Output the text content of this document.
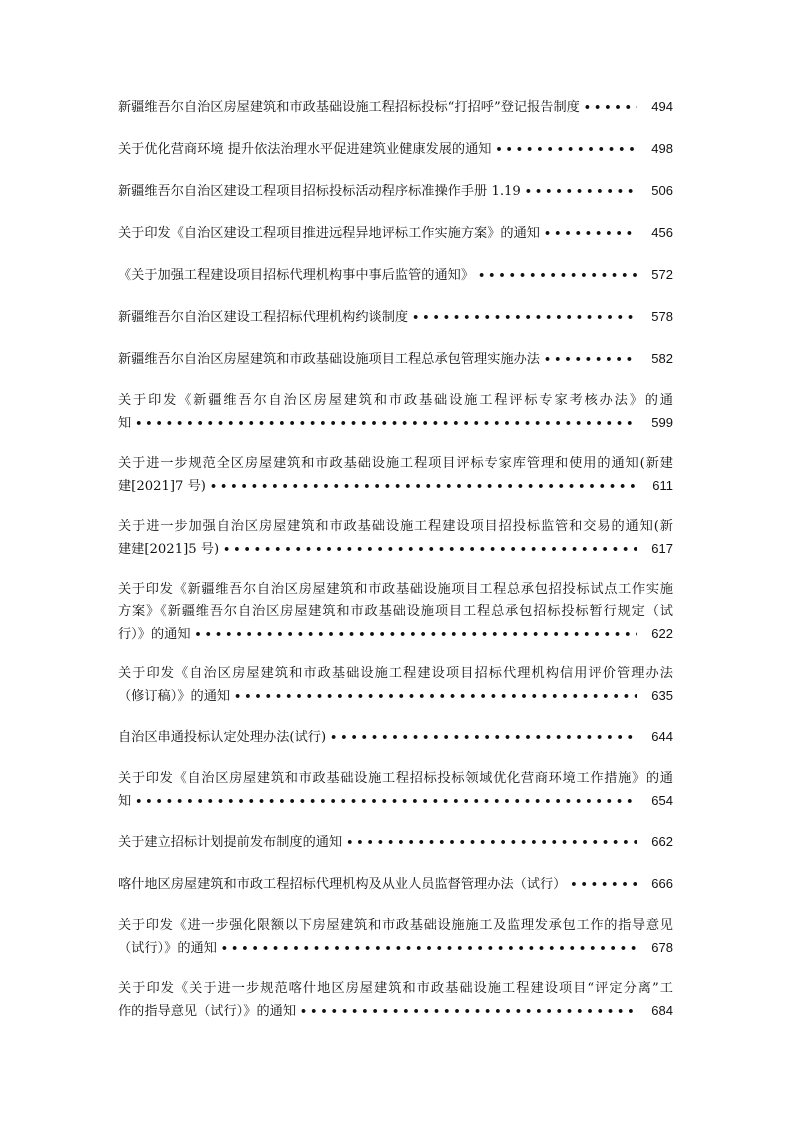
新疆维吾尔自治区房屋建筑和市政基础设施工程招标投标“打招呼”登记报告制度 •••••	494
关于优化营商环境 提升依法治理水平促进建筑业健康发展的通知 •••••	498
新疆维吾尔自治区建设工程项目招标投标活动程序标准操作手册 1.19 •••••	506
关于印发《自治区建设工程项目推进远程异地评标工作实施方案》的通知 •••••	456
《关于加强工程建设项目招标代理机构事中事后监管的通知》 •••••	572
新疆维吾尔自治区建设工程招标代理机构约谈制度 •••••	578
新疆维吾尔自治区房屋建筑和市政基础设施项目工程总承包管理实施办法 •••••	582
关于印发《新疆维吾尔自治区房屋建筑和市政基础设施工程评标专家考核办法》的通
知 •••••	599
关于进一步规范全区房屋建筑和市政基础设施工程项目评标专家库管理和使用的通知(新建
建[2021]7 号) •••••	611
关于进一步加强自治区房屋建筑和市政基础设施工程建设项目招投标监管和交易的通知(新
建建[2021]5 号) •••••	617
关于印发《新疆维吾尔自治区房屋建筑和市政基础设施项目工程总承包招投标试点工作实施
方案》《新疆维吾尔自治区房屋建筑和市政基础设施项目工程总承包招标投标暂行规定（试
行）》的通知 •••••	622
关于印发《自治区房屋建筑和市政基础设施工程建设项目招标代理机构信用评价管理办法
（修订稿）》的通知 •••••	635
自治区串通投标认定处理办法(试行) •••••	644
关于印发《自治区房屋建筑和市政基础设施工程招标投标领域优化营商环境工作措施》的通
知 •••••	654
关于建立招标计划提前发布制度的通知 •••••	662
喀什地区房屋建筑和市政工程招标代理机构及从业人员监督管理办法（试行） •••••	666
关于印发《进一步强化限额以下房屋建筑和市政基础设施施工及监理发承包工作的指导意见
（试行）》的通知 •••••	678
关于印发《关于进一步规范喀什地区房屋建筑和市政基础设施工程建设项目“评定分离”工
作的指导意见（试行）》的通知 •••••	684
